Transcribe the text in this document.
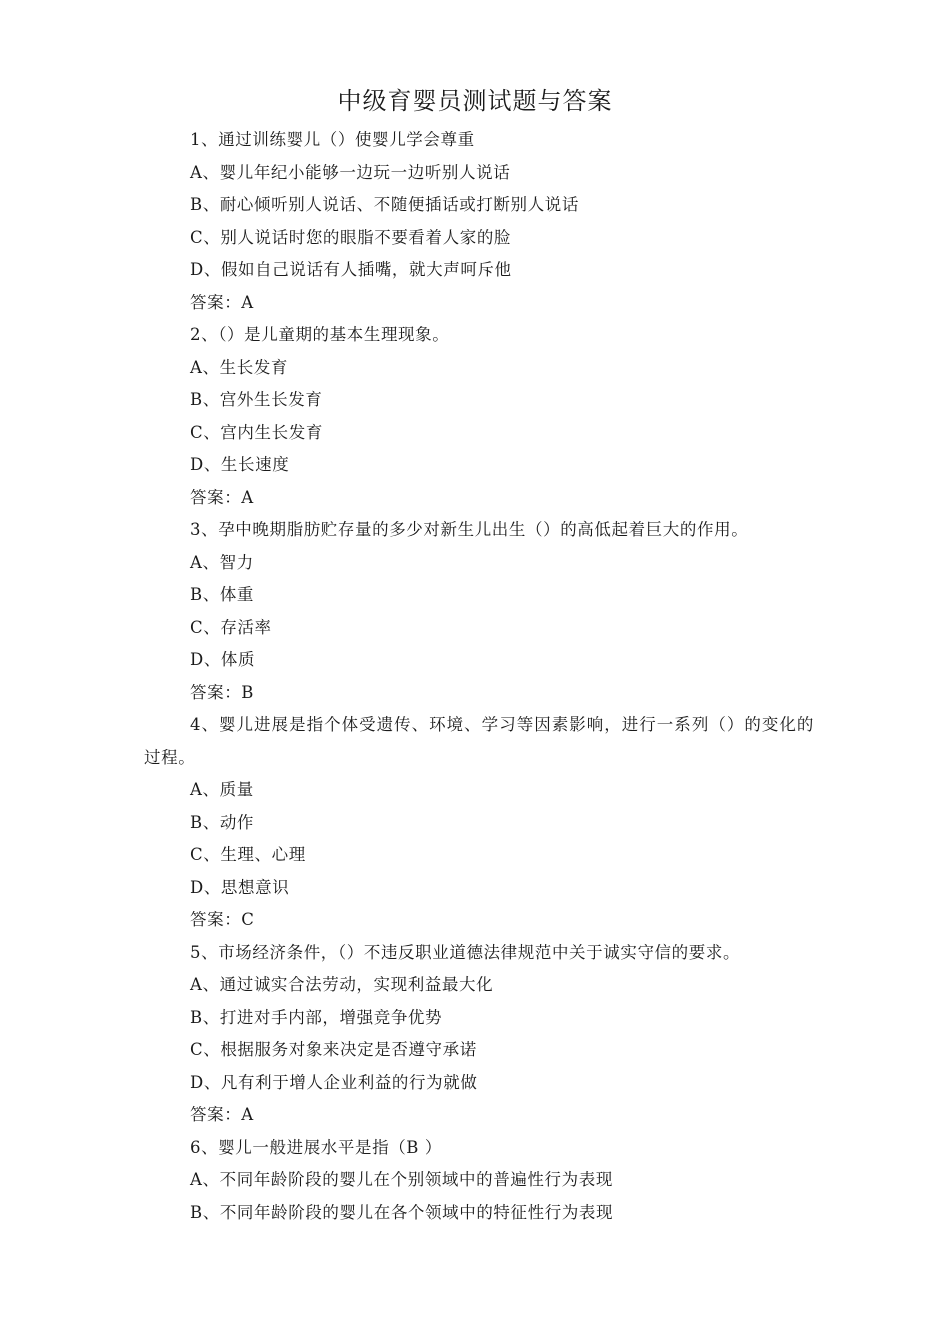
中级育婴员测试题与答案
1、通过训练婴儿（）使婴儿学会尊重
A、婴儿年纪小能够一边玩一边听别人说话
B、耐心倾听别人说话、不随便插话或打断别人说话
C、别人说话时您的眼脂不要看着人家的脸
D、假如自己说话有人插嘴，就大声呵斥他
答案：A
2、（）是儿童期的基本生理现象。
A、生长发育
B、宫外生长发育
C、宫内生长发育
D、生长速度
答案：A
3、孕中晚期脂肪贮存量的多少对新生儿出生（）的高低起着巨大的作用。
A、智力
B、体重
C、存活率
D、体质
答案：B
4、婴儿进展是指个体受遗传、环境、学习等因素影响，进行一系列（）的变化的过程。
A、质量
B、动作
C、生理、心理
D、思想意识
答案：C
5、市场经济条件，（）不违反职业道德法律规范中关于诚实守信的要求。
A、通过诚实合法劳动，实现利益最大化
B、打进对手内部，增强竞争优势
C、根据服务对象来决定是否遵守承诺
D、凡有利于增人企业利益的行为就做
答案：A
6、婴儿一般进展水平是指（B ）
A、不同年龄阶段的婴儿在个别领域中的普遍性行为表现
B、不同年龄阶段的婴儿在各个领域中的特征性行为表现
